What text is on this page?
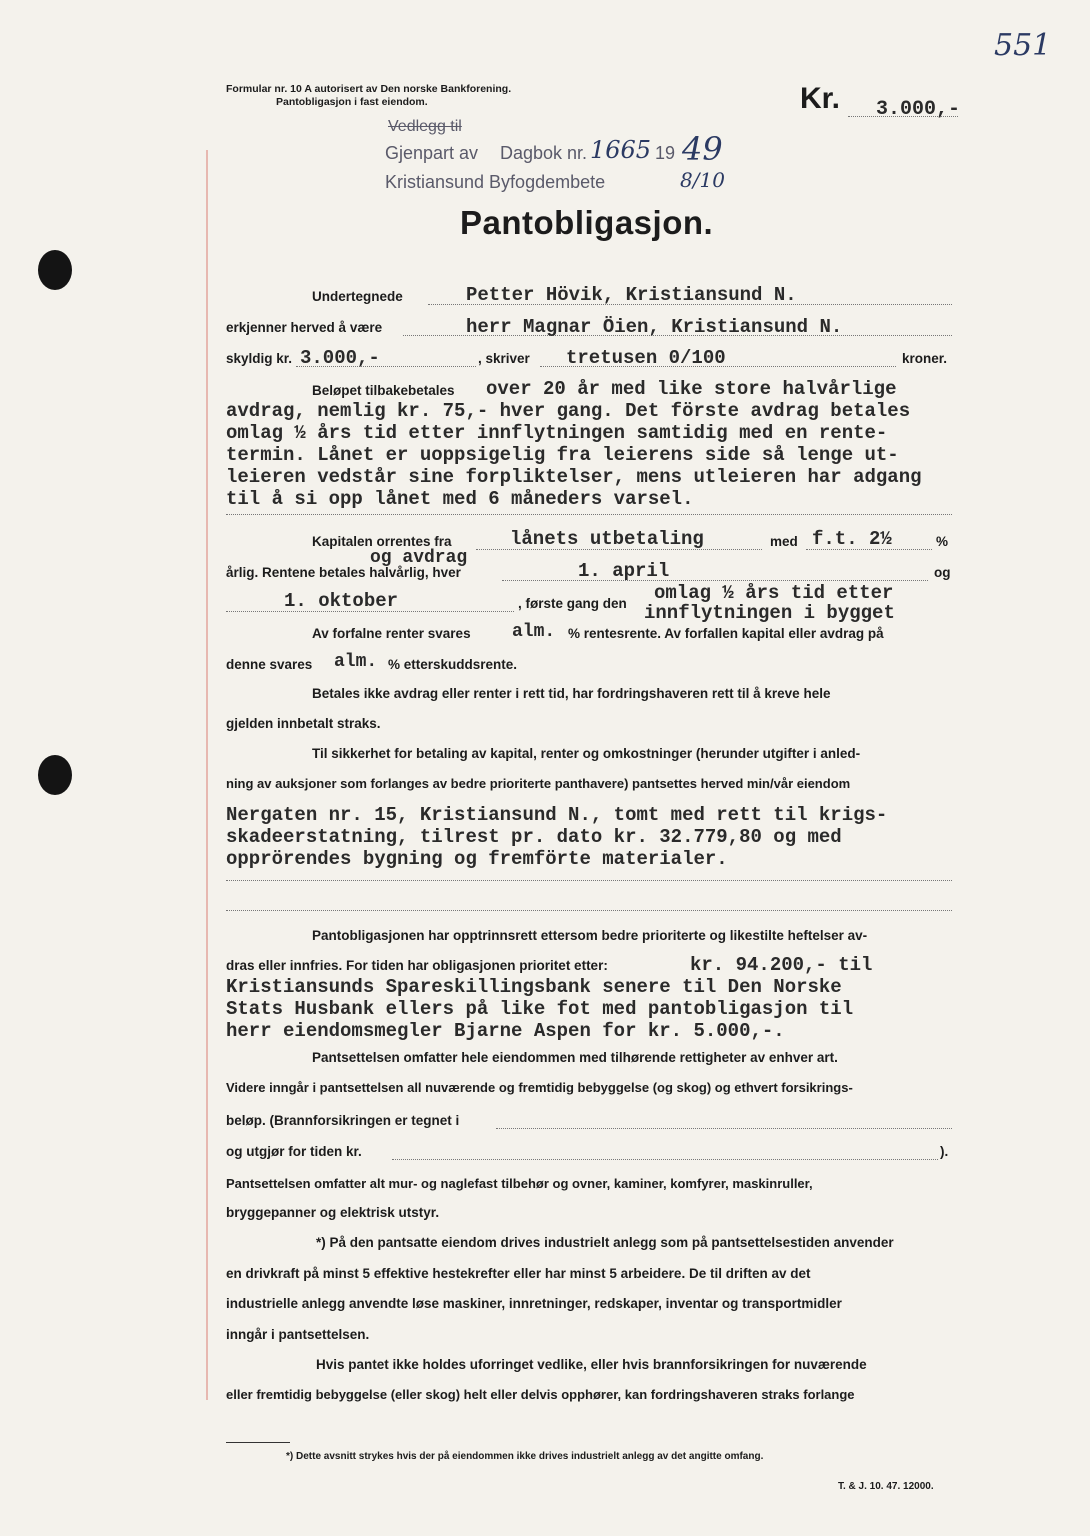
551
Formular nr. 10 A autorisert av Den norske Bankforening.
Pantobligasjon i fast eiendom.	Kr. 3.000,-
Vedlegg til
Gjenpart av Dagbok nr. 1665 19 49
Kristiansund Byfogdembete	8/10
Pantobligasjon.
Undertegnede	Petter Hövik, Kristiansund N.
erkjenner herved å være	herr Magnar Öien, Kristiansund N.
skyldig kr. 3.000,-	, skriver tretusen 0/100	kroner.
Beløpet tilbakebetales over 20 år med like store halvårlige
avdrag, nemlig kr. 75,- hver gang. Det förste avdrag betales
omlag ½ års tid etter innflytningen samtidig med en rente-
termin. Lånet er uoppsigelig fra leierens side så lenge ut-
leieren vedstår sine forpliktelser, mens utleieren har adgang
til å si opp lånet med 6 måneders varsel.
Kapitalen orrentes fra	lånets utbetaling	med f.t. 2½	%
og avdrag
årlig. Rentene betales halvårlig, hver	1. april	og
1. oktober	, første gang den omlag ½ års tid etter
innflytningen i bygget
Av forfalne renter svares alm. % rentesrente. Av forfallen kapital eller avdrag på
denne svares alm. % etterskuddsrente.
Betales ikke avdrag eller renter i rett tid, har fordringshaveren rett til å kreve hele
gjelden innbetalt straks.
Til sikkerhet for betaling av kapital, renter og omkostninger (herunder utgifter i anled-
ning av auksjoner som forlanges av bedre prioriterte panthavere) pantsettes herved min/vår eiendom
Nergaten nr. 15, Kristiansund N., tomt med rett til krigs-
skadeerstatning, tilrest pr. dato kr. 32.779,80 og med
opprörendes bygning og fremförte materialer.
Pantobligasjonen har opptrinnsrett ettersom bedre prioriterte og likestilte heftelser av-
dras eller innfries. For tiden har obligasjonen prioritet etter:	kr. 94.200,- til
Kristiansunds Spareskillingsbank senere til Den Norske
Stats Husbank ellers på like fot med pantobligasjon til
herr eiendomsmegler Bjarne Aspen for kr. 5.000,-.
Pantsettelsen omfatter hele eiendommen med tilhørende rettigheter av enhver art.
Videre inngår i pantsettelsen all nuværende og fremtidig bebyggelse (og skog) og ethvert forsikrings-
beløp. (Brannforsikringen er tegnet i
og utgjør for tiden kr.	).
Pantsettelsen omfatter alt mur- og naglefast tilbehør og ovner, kaminer, komfyrer, maskinruller,
bryggepanner og elektrisk utstyr.
*) På den pantsatte eiendom drives industrielt anlegg som på pantsettelsestiden anvender
en drivkraft på minst 5 effektive hestekrefter eller har minst 5 arbeidere. De til driften av det
industrielle anlegg anvendte løse maskiner, innretninger, redskaper, inventar og transportmidler
inngår i pantsettelsen.
Hvis pantet ikke holdes uforringet vedlike, eller hvis brannforsikringen for nuværende
eller fremtidig bebyggelse (eller skog) helt eller delvis opphører, kan fordringshaveren straks forlange
*) Dette avsnitt strykes hvis der på eiendommen ikke drives industrielt anlegg av det angitte omfang.
T. & J. 10. 47. 12000.
